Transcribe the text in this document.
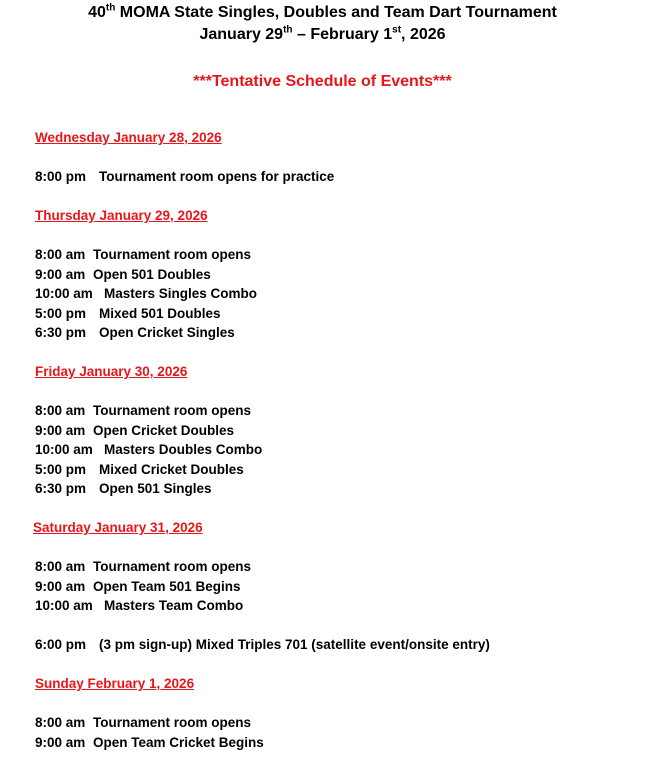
40th MOMA State Singles, Doubles and Team Dart Tournament
January 29th – February 1st, 2026
***Tentative Schedule of Events***
Wednesday January 28, 2026
8:00 pm Tournament room opens for practice
Thursday January 29, 2026
8:00 am Tournament room opens
9:00 am Open 501 Doubles
10:00 am Masters Singles Combo
5:00 pm Mixed 501 Doubles
6:30 pm Open Cricket Singles
Friday January 30, 2026
8:00 am Tournament room opens
9:00 am Open Cricket Doubles
10:00 am Masters Doubles Combo
5:00 pm Mixed Cricket Doubles
6:30 pm Open 501 Singles
Saturday January 31, 2026
8:00 am Tournament room opens
9:00 am Open Team 501 Begins
10:00 am Masters Team Combo
6:00 pm (3 pm sign-up) Mixed Triples 701 (satellite event/onsite entry)
Sunday February 1, 2026
8:00 am Tournament room opens
9:00 am Open Team Cricket Begins
